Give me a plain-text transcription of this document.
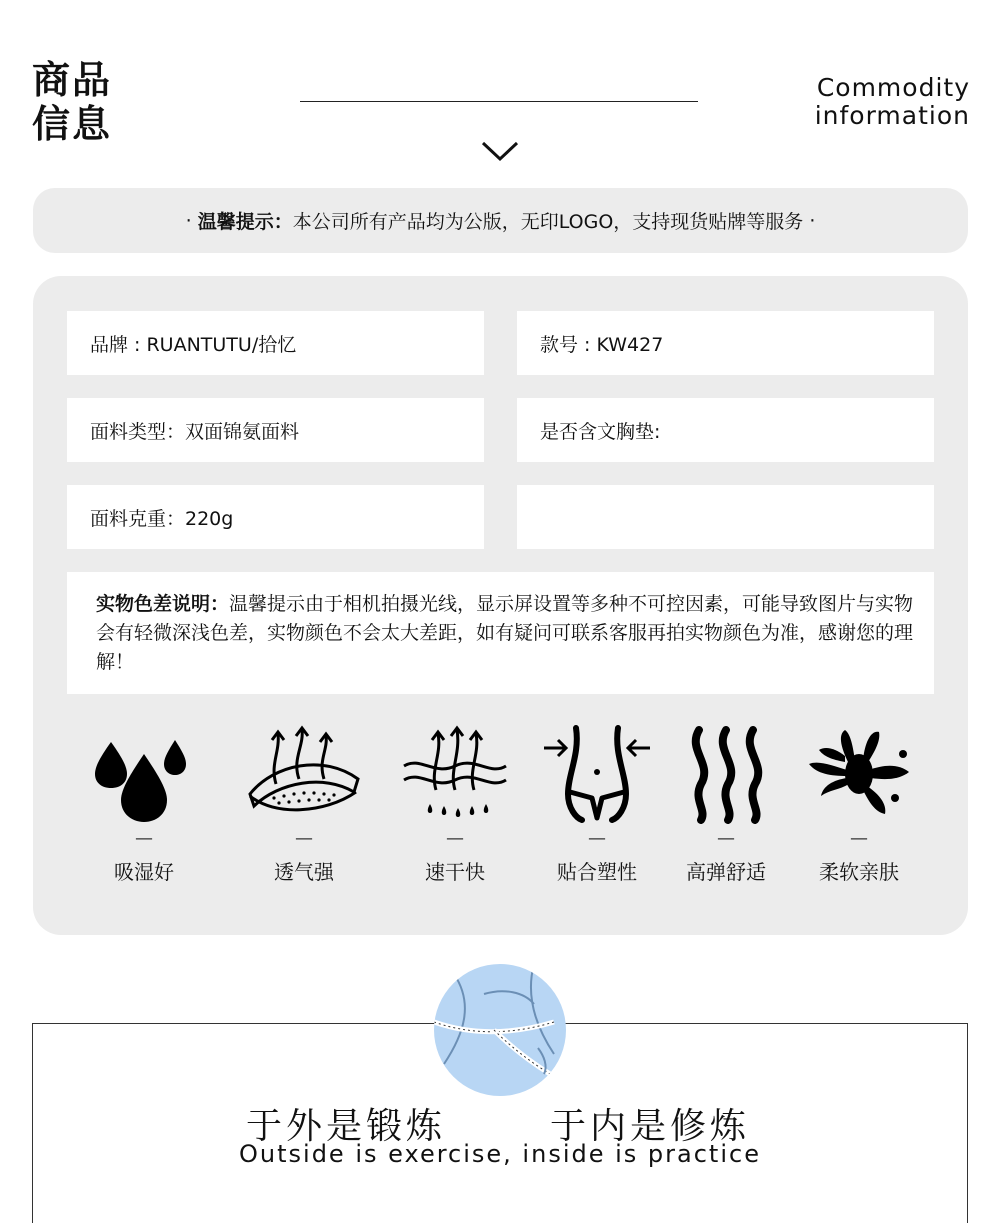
商品
信息
Commodity
information
·
温馨提示： 本公司所有产品均为公版，无印LOGO，支持现货贴牌等服务
·
品牌 : RUANTUTU/拾忆	款号 : KW427
面料类型：双面锦氨面料	是否含文胸垫:
面料克重：220g
实物色差说明：温馨提示由于相机拍摄光线，显示屏设置等多种不可控因素，可能导致图片与实物会有轻微深浅色差，实物颜色不会太大差距，如有疑问可联系客服再拍实物颜色为准，感谢您的理解！
—
吸湿好
—
透气强
—
速干快
—
贴合塑性
—
高弹舒适
—
柔软亲肤
于外是锻炼	于内是修炼
Outside is exercise, inside is practice
